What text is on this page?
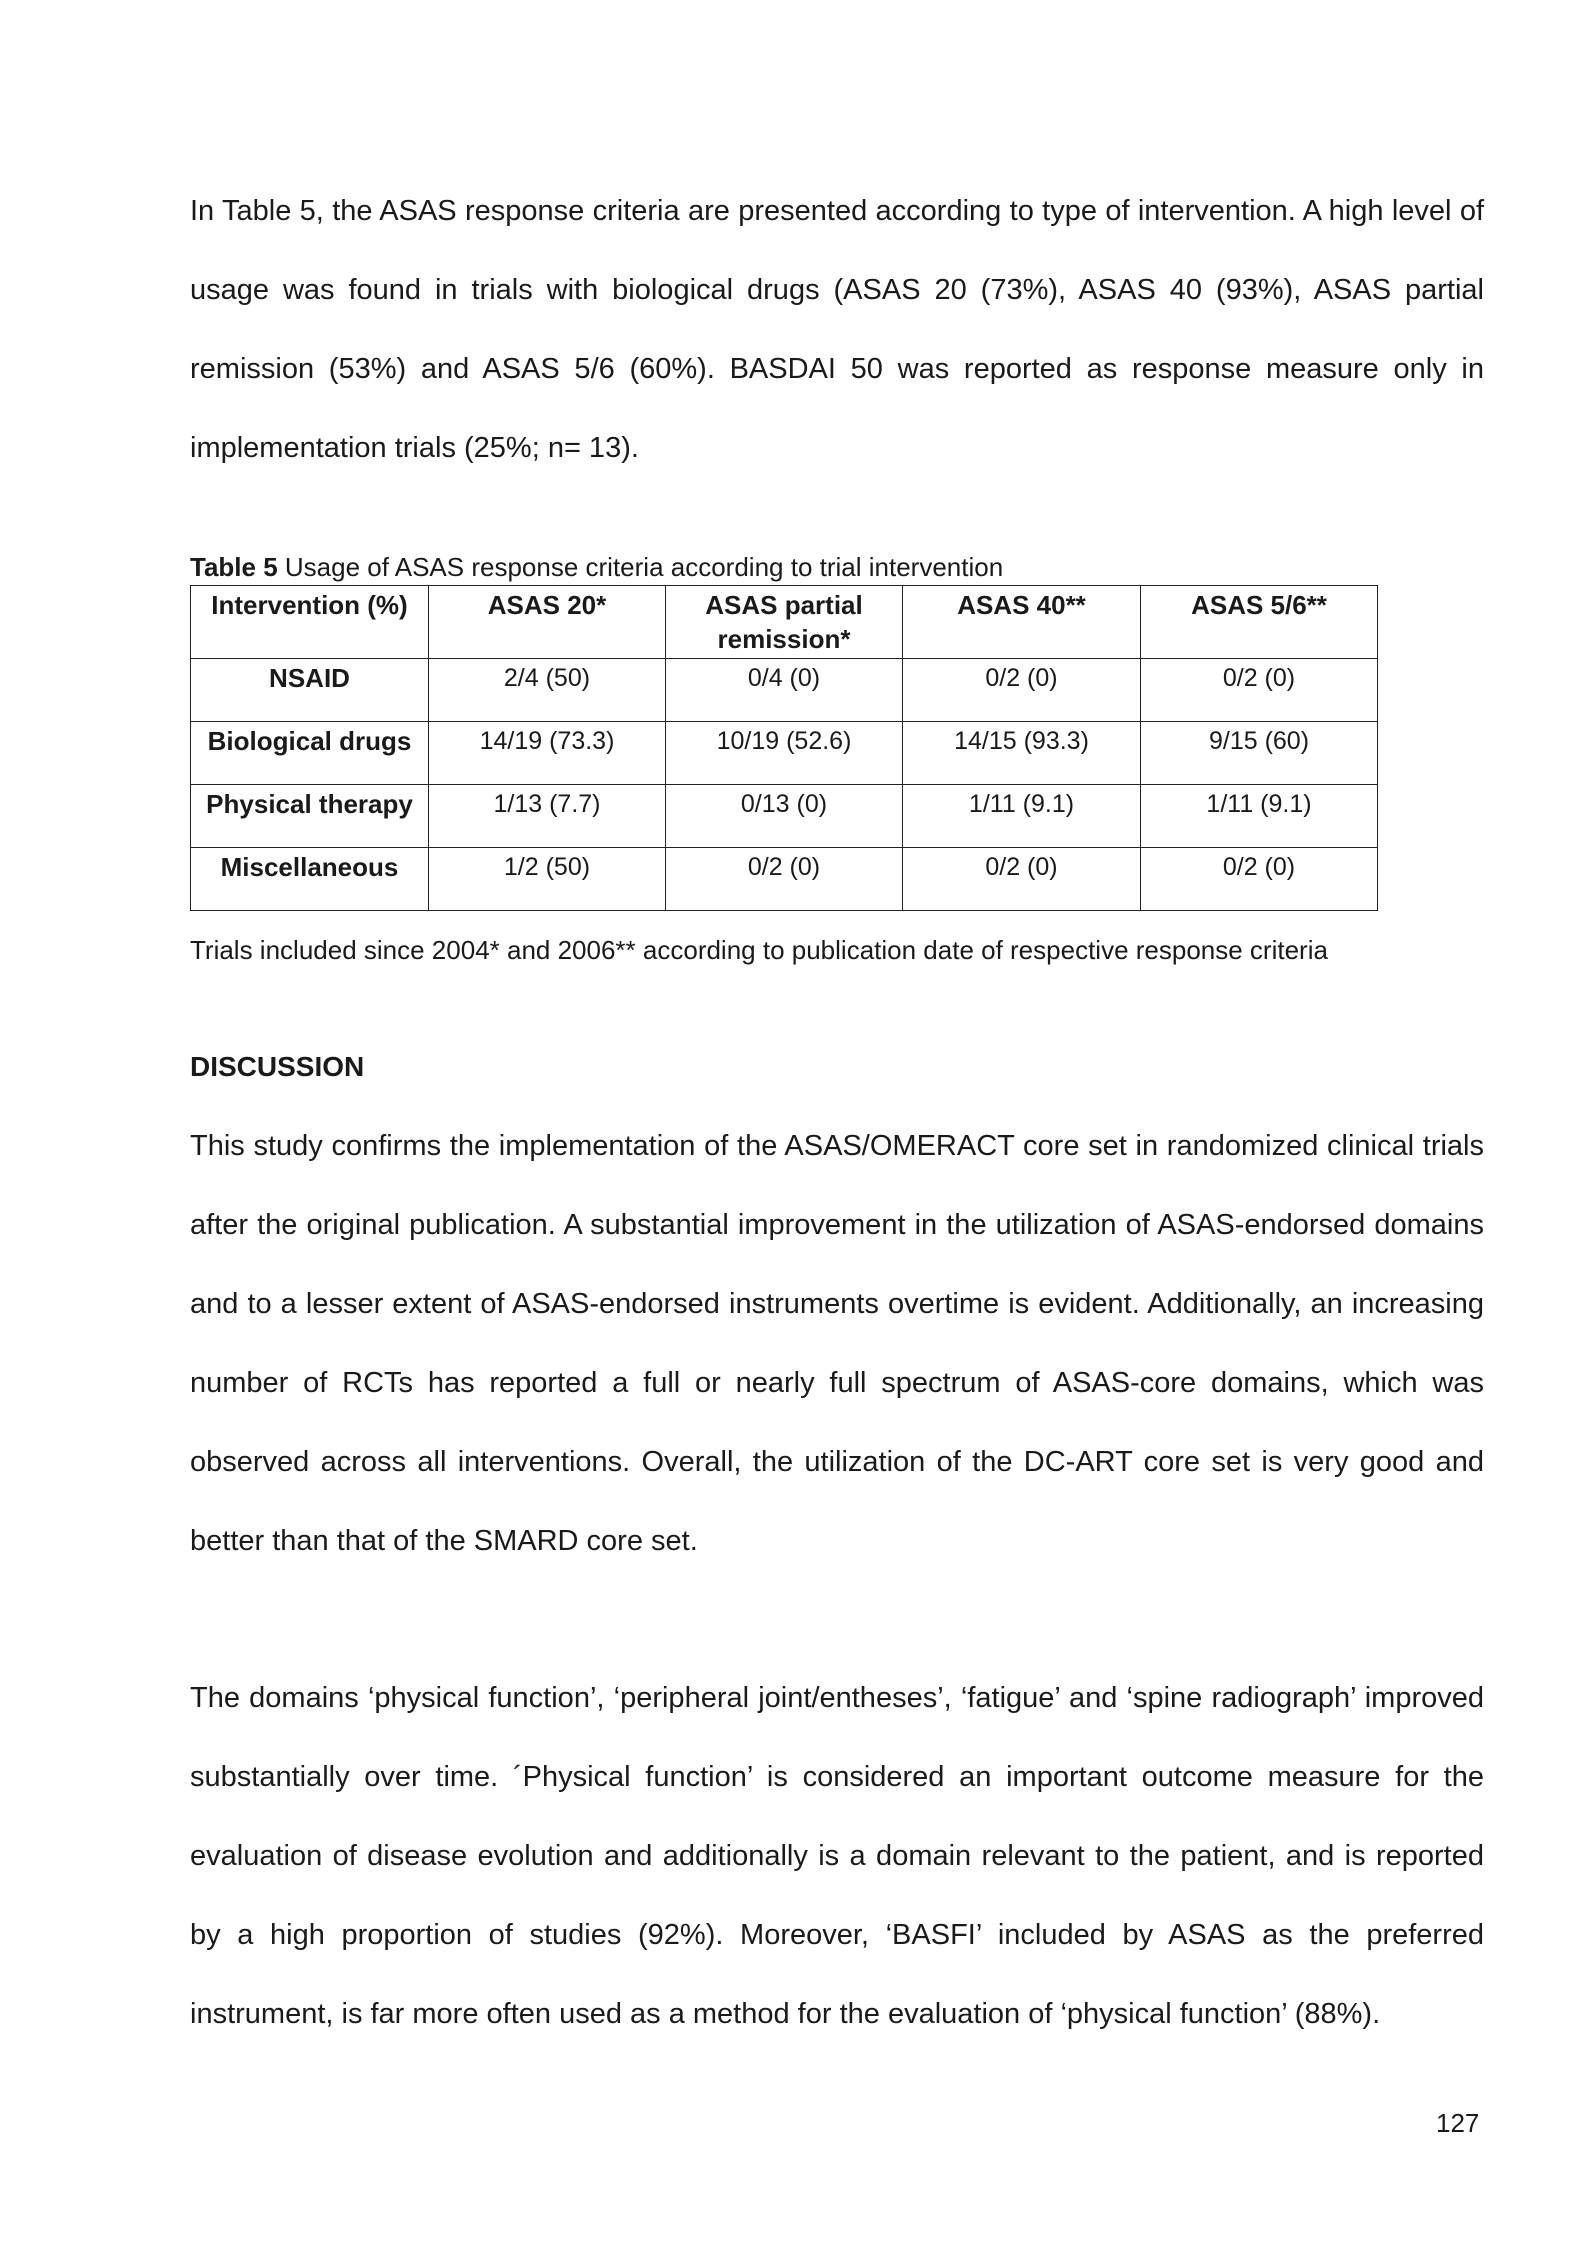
In Table 5, the ASAS response criteria are presented according to type of intervention. A high level of usage was found in trials with biological drugs (ASAS 20 (73%), ASAS 40 (93%), ASAS partial remission (53%) and ASAS 5/6 (60%). BASDAI 50 was reported as response measure only in implementation trials (25%; n= 13).

Table 5 Usage of ASAS response criteria according to trial intervention
Intervention (%)	ASAS 20*	ASAS partial remission*	ASAS 40**	ASAS 5/6**
NSAID	2/4 (50)	0/4 (0)	0/2 (0)	0/2 (0)
Biological drugs	14/19 (73.3)	10/19 (52.6)	14/15 (93.3)	9/15 (60)
Physical therapy	1/13 (7.7)	0/13 (0)	1/11 (9.1)	1/11 (9.1)
Miscellaneous	1/2 (50)	0/2 (0)	0/2 (0)	0/2 (0)
Trials included since 2004* and 2006** according to publication date of respective response criteria
DISCUSSION

This study confirms the implementation of the ASAS/OMERACT core set in randomized clinical trials after the original publication. A substantial improvement in the utilization of ASAS-endorsed domains and to a lesser extent of ASAS-endorsed instruments overtime is evident. Additionally, an increasing number of RCTs has reported a full or nearly full spectrum of ASAS-core domains, which was observed across all interventions. Overall, the utilization of the DC-ART core set is very good and better than that of the SMARD core set.

The domains ‘physical function’, ‘peripheral joint/entheses’, ‘fatigue’ and ‘spine radiograph’ improved substantially over time. ´Physical function’ is considered an important outcome measure for the evaluation of disease evolution and additionally is a domain relevant to the patient, and is reported by a high proportion of studies (92%). Moreover, ‘BASFI’ included by ASAS as the preferred instrument, is far more often used as a method for the evaluation of ‘physical function’ (88%).

127
